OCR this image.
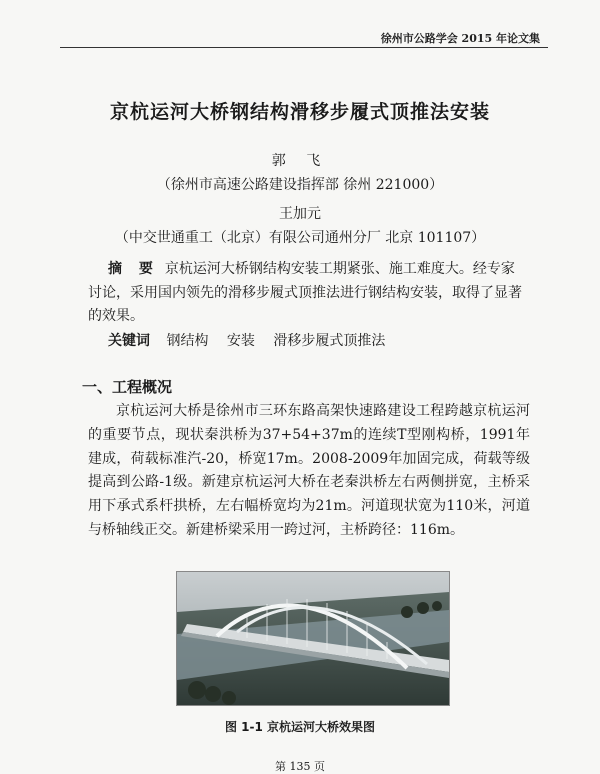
徐州市公路学会 2015 年论文集
京杭运河大桥钢结构滑移步履式顶推法安装
郭 飞
（徐州市高速公路建设指挥部 徐州 221000）
王加元
（中交世通重工（北京）有限公司通州分厂 北京 101107）
摘 要 京杭运河大桥钢结构安装工期紧张、施工难度大。经专家讨论，采用国内领先的滑移步履式顶推法进行钢结构安装，取得了显著的效果。
关键词 钢结构 安装 滑移步履式顶推法
一、工程概况
京杭运河大桥是徐州市三环东路高架快速路建设工程跨越京杭运河的重要节点，现状秦洪桥为37+54+37m的连续T型刚构桥，1991年建成，荷载标准汽-20，桥宽17m。2008-2009年加固完成，荷载等级提高到公路-1级。新建京杭运河大桥在老秦洪桥左右两侧拼宽，主桥采用下承式系杆拱桥，左右幅桥宽均为21m。河道现状宽为110米，河道与桥轴线正交。新建桥梁采用一跨过河，主桥跨径：116m。
图 1-1 京杭运河大桥效果图
第 135 页
